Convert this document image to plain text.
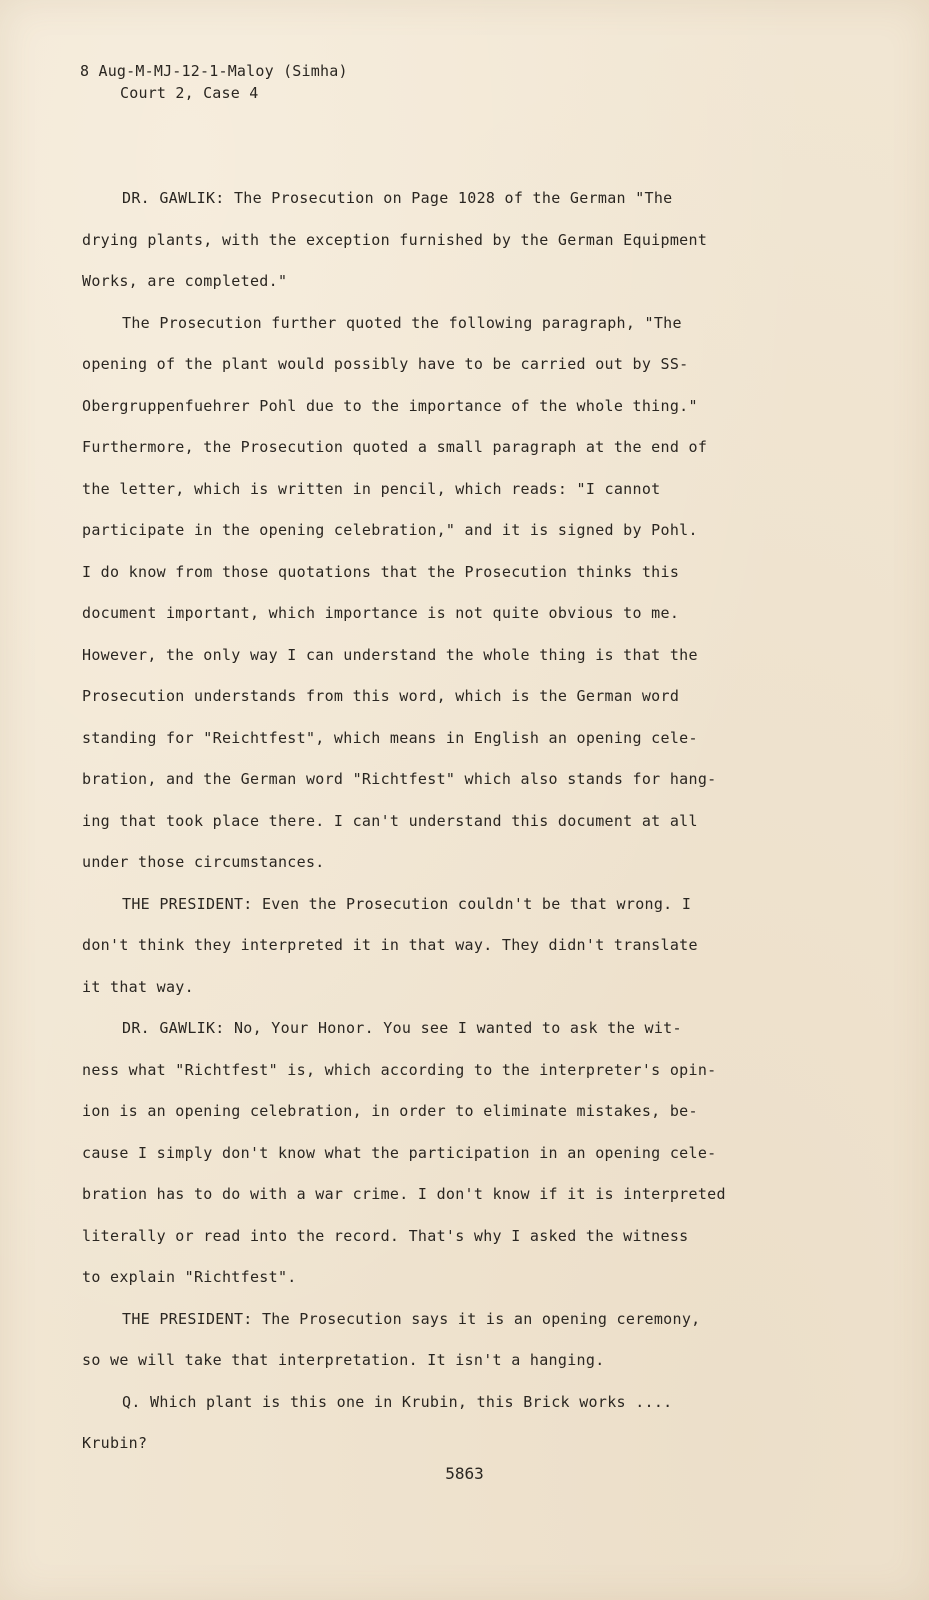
8 Aug-M-MJ-12-1-Maloy (Simha)
Court 2, Case 4
DR. GAWLIK: The Prosecution on Page 1028 of the German "The
drying plants, with the exception furnished by the German Equipment
Works, are completed."
The Prosecution further quoted the following paragraph, "The
opening of the plant would possibly have to be carried out by SS-
Obergruppenfuehrer Pohl due to the importance of the whole thing."
Furthermore, the Prosecution quoted a small paragraph at the end of
the letter, which is written in pencil, which reads: "I cannot
participate in the opening celebration," and it is signed by Pohl.
I do know from those quotations that the Prosecution thinks this
document important, which importance is not quite obvious to me.
However, the only way I can understand the whole thing is that the
Prosecution understands from this word, which is the German word
standing for "Reichtfest", which means in English an opening cele-
bration, and the German word "Richtfest" which also stands for hang-
ing that took place there. I can't understand this document at all
under those circumstances.
THE PRESIDENT: Even the Prosecution couldn't be that wrong. I
don't think they interpreted it in that way. They didn't translate
it that way.
DR. GAWLIK: No, Your Honor. You see I wanted to ask the wit-
ness what "Richtfest" is, which according to the interpreter's opin-
ion is an opening celebration, in order to eliminate mistakes, be-
cause I simply don't know what the participation in an opening cele-
bration has to do with a war crime. I don't know if it is interpreted
literally or read into the record. That's why I asked the witness
to explain "Richtfest".
THE PRESIDENT: The Prosecution says it is an opening ceremony,
so we will take that interpretation. It isn't a hanging.
Q. Which plant is this one in Krubin, this Brick works ....
Krubin?
5863
